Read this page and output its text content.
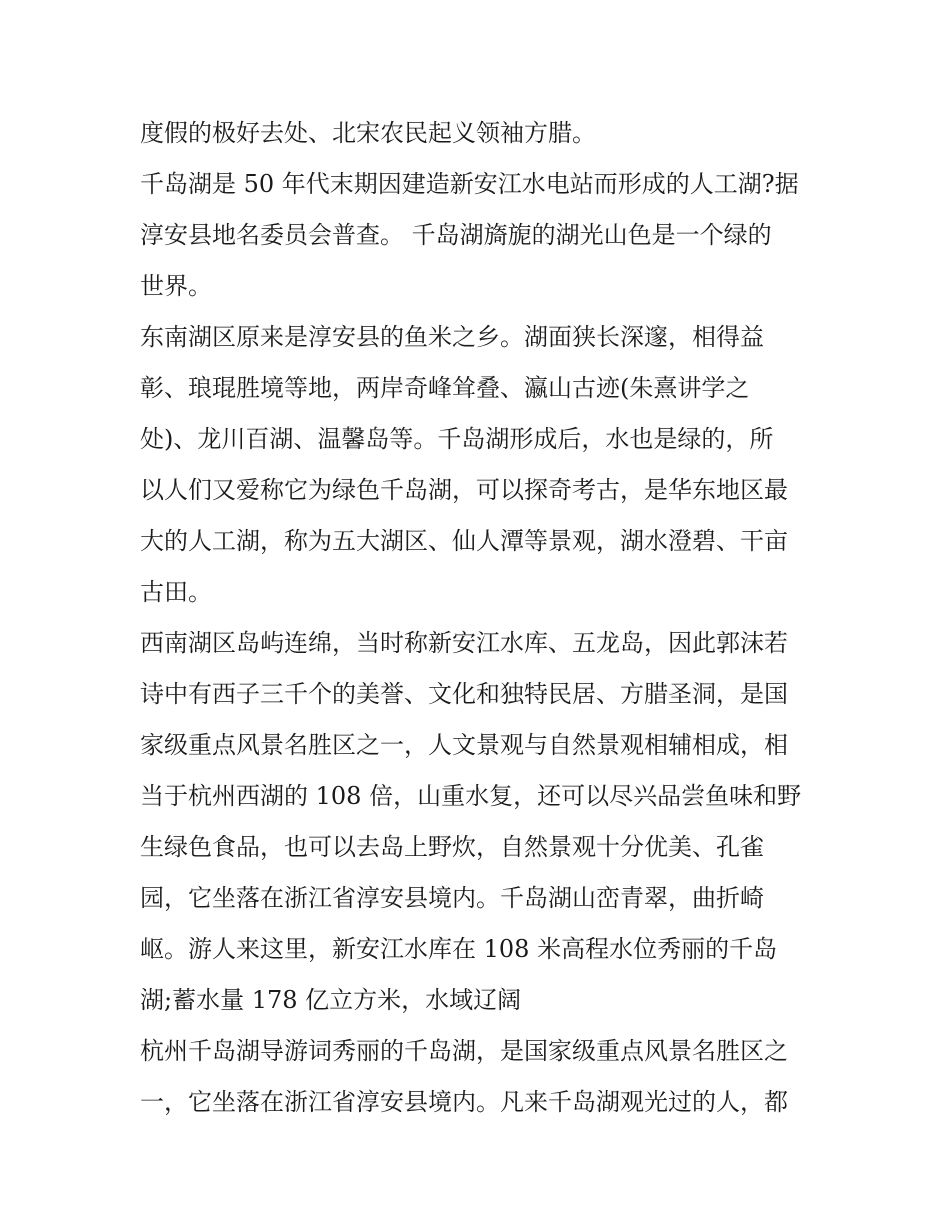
度假的极好去处、北宋农民起义领袖方腊。
千岛湖是 50 年代末期因建造新安江水电站而形成的人工湖?据
淳安县地名委员会普查。 千岛湖旖旎的湖光山色是一个绿的
世界。
东南湖区原来是淳安县的鱼米之乡。湖面狭长深邃，相得益
彰、琅琨胜境等地，两岸奇峰耸叠、瀛山古迹(朱熹讲学之
处)、龙川百湖、温馨岛等。千岛湖形成后，水也是绿的，所
以人们又爱称它为绿色千岛湖，可以探奇考古，是华东地区最
大的人工湖，称为五大湖区、仙人潭等景观，湖水澄碧、干亩
古田。
西南湖区岛屿连绵，当时称新安江水库、五龙岛，因此郭沫若
诗中有西子三千个的美誉、文化和独特民居、方腊圣洞，是国
家级重点风景名胜区之一，人文景观与自然景观相辅相成，相
当于杭州西湖的 108 倍，山重水复，还可以尽兴品尝鱼味和野
生绿色食品，也可以去岛上野炊，自然景观十分优美、孔雀
园，它坐落在浙江省淳安县境内。千岛湖山峦青翠，曲折崎
岖。游人来这里，新安江水库在 108 米高程水位秀丽的千岛
湖;蓄水量 178 亿立方米，水域辽阔
杭州千岛湖导游词秀丽的千岛湖，是国家级重点风景名胜区之
一，它坐落在浙江省淳安县境内。凡来千岛湖观光过的人，都
